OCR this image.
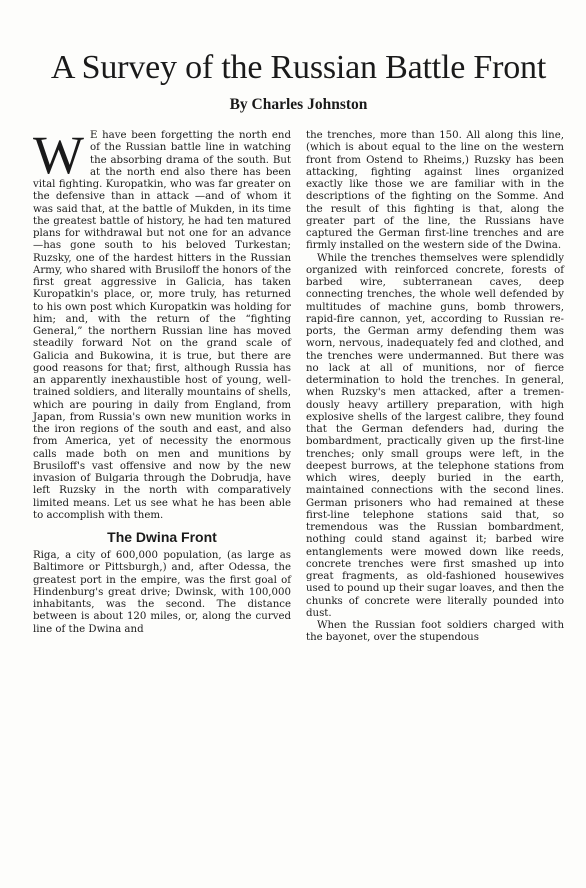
A Survey of the Russian Battle Front
By Charles Johnston

W E have been forgetting the north end of the Russian battle line in watching the absorbing drama of the south. But at the north end also there has been vital fighting. Kuropatkin, who was far greater on the defensive than in attack —and of whom it was said that, at the battle of Mukden, in its time the greatest battle of history, he had ten matured plans for withdrawal but not one for an advance—has gone south to his beloved Turkestan; Ruzsky, one of the hardest hitters in the Russian Army, who shared with Brusiloff the honors of the first great aggressive in Galicia, has taken Kuropatkin's place, or, more truly, has returned to his own post which Kuropatkin was holding for him; and, with the return of the “fighting General,” the northern Russian line has moved steadily forward Not on the grand scale of Galicia and Bukowina, it is true, but there are good reasons for that; first, although Russia has an apparently inexhaustible host of young, well-trained soldiers, and literally mountains of shells, which are pouring in daily from England, from Japan, from Russia's own new munition works in the iron regions of the south and east, and also from America, yet of necessity the enormous calls made both on men and munitions by Brusiloff's vast offensive and now by the new invasion of Bulgaria through the Dobrudja, have left Ruzsky in the north with comparatively limited means. Let us see what he has been able to accomplish with them.

The Dwina Front

Riga, a city of 600,000 population, (as large as Baltimore or Pittsburgh,) and, after Odessa, the greatest port in the empire, was the first goal of Hindenburg's great drive; Dwinsk, with 100,000 inhabitants, was the second. The distance between is about 120 miles, or, along the curved line of the Dwina and

the trenches, more than 150. All along this line, (which is about equal to the line on the western front from Ostend to Rheims,) Ruzsky has been attacking, fighting against lines organized exactly like those we are familiar with in the descriptions of the fighting on the Somme. And the result of this fighting is that, along the greater part of the line, the Russians have captured the German first-line trenches and are firmly installed on the western side of the Dwina.

While the trenches themselves were splendidly organized with reinforced concrete, forests of barbed wire, subterranean caves, deep connecting trenches, the whole well defended by multitudes of machine guns, bomb throwers, rapid-fire cannon, yet, according to Russian reports, the German army defending them was worn, nervous, inadequately fed and clothed, and the trenches were undermanned. But there was no lack at all of munitions, nor of fierce determination to hold the trenches. In general, when Ruzsky's men attacked, after a tremendously heavy artillery preparation, with high explosive shells of the largest calibre, they found that the German defenders had, during the bombardment, practically given up the first-line trenches; only small groups were left, in the deepest burrows, at the telephone stations from which wires, deeply buried in the earth, maintained connections with the second lines. German prisoners who had remained at these first-line telephone stations said that, so tremendous was the Russian bombardment, nothing could stand against it; barbed wire entanglements were mowed down like reeds, concrete trenches were first smashed up into great fragments, as old-fashioned housewives used to pound up their sugar loaves, and then the chunks of concrete were literally pounded into dust.

When the Russian foot soldiers charged with the bayonet, over the stupendous
